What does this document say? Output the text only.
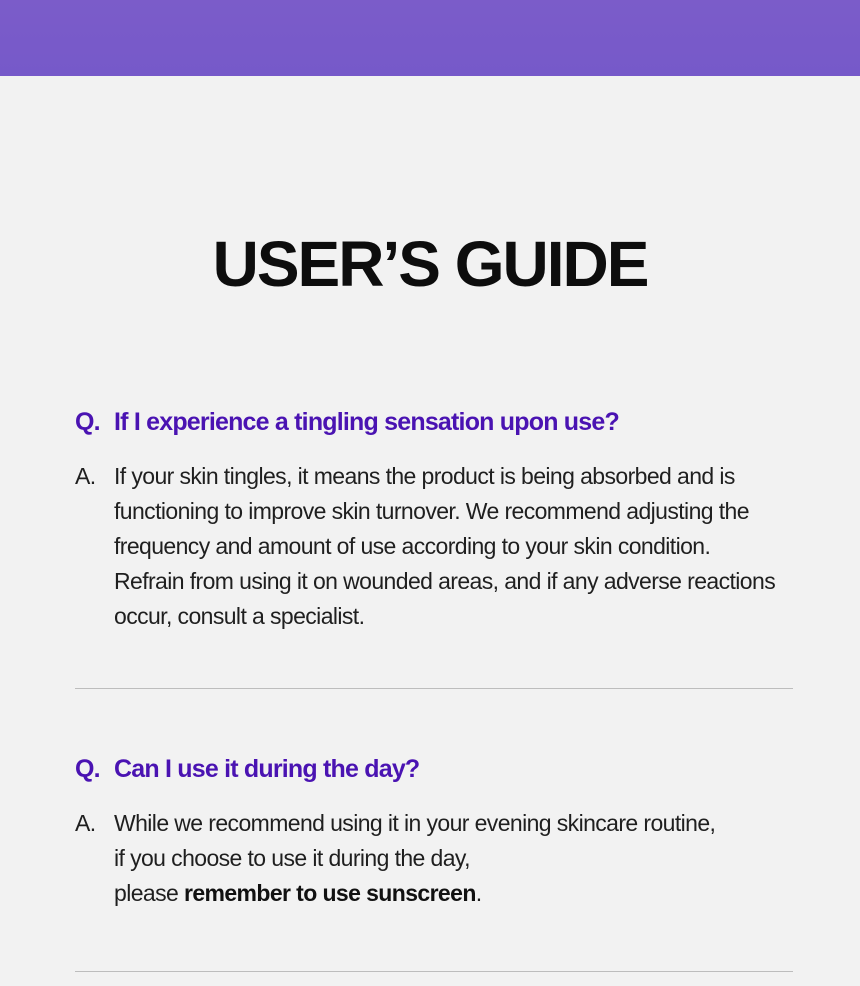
USER’S GUIDE
Q. If I experience a tingling sensation upon use?
A. If your skin tingles, it means the product is being absorbed and is

functioning to improve skin turnover. We recommend adjusting the

frequency and amount of use according to your skin condition.

Refrain from using it on wounded areas, and if any adverse reactions

occur, consult a specialist.

Q. Can I use it during the day?
A. While we recommend using it in your evening skincare routine,

if you choose to use it during the day,

please remember to use sunscreen.
